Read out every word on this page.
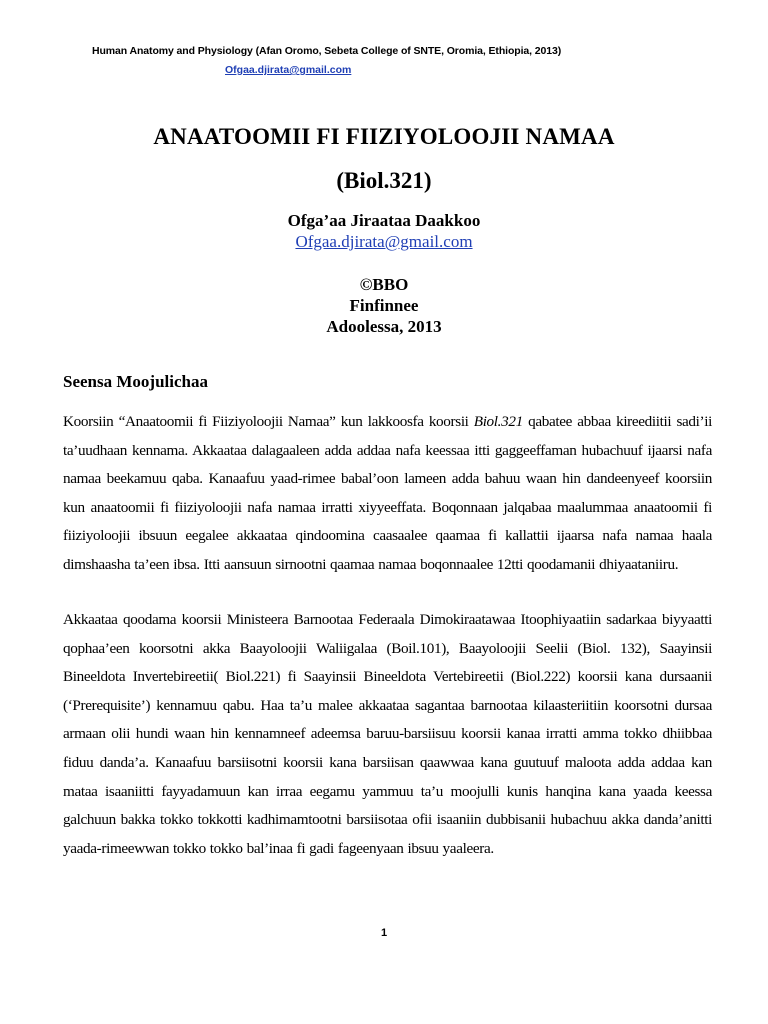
Human Anatomy and Physiology (Afan Oromo, Sebeta College of SNTE, Oromia, Ethiopia, 2013)
Ofgaa.djirata@gmail.com
ANAATOOMII FI FIIZIYOLOOJII NAMAA
(Biol.321)
Ofga’aa Jiraataa Daakkoo
Ofgaa.djirata@gmail.com
©BBO
Finfinnee
Adoolessa, 2013
Seensa Moojulichaa

Koorsiin “Anaatoomii fi Fiiziyoloojii Namaa” kun lakkoosfa koorsii Biol.321 qabatee abbaa kireediitii sadi’ii ta’uudhaan kennama. Akkaataa dalagaaleen adda addaa nafa keessaa itti gaggeeffaman hubachuuf ijaarsi nafa namaa beekamuu qaba. Kanaafuu yaad-rimee babal’oon lameen adda bahuu waan hin dandeenyeef koorsiin kun anaatoomii fi fiiziyoloojii nafa namaa irratti xiyyeeffata. Boqonnaan jalqabaa maalummaa anaatoomii fi fiiziyoloojii ibsuun eegalee akkaataa qindoomina caasaalee qaamaa fi kallattii ijaarsa nafa namaa haala dimshaasha ta’een ibsa. Itti aansuun sirnootni qaamaa namaa boqonnaalee 12tti qoodamanii dhiyaataniiru.

Akkaataa qoodama koorsii Ministeera Barnootaa Federaala Dimokiraatawaa Itoophiyaatiin sadarkaa biyyaatti qophaa’een koorsotni akka Baayoloojii Waliigalaa (Boil.101), Baayoloojii Seelii (Biol. 132), Saayinsii Bineeldota Invertebireetii( Biol.221) fi Saayinsii Bineeldota Vertebireetii (Biol.222) koorsii kana dursaanii (‘Prerequisite’) kennamuu qabu. Haa ta’u malee akkaataa sagantaa barnootaa kilaasteriitiin koorsotni dursaa armaan olii hundi waan hin kennamneef adeemsa baruu-barsiisuu koorsii kanaa irratti amma tokko dhiibbaa fiduu danda’a. Kanaafuu barsiisotni koorsii kana barsiisan qaawwaa kana guutuuf maloota adda addaa kan mataa isaaniitti fayyadamuun kan irraa eegamu yammuu ta’u moojulli kunis hanqina kana yaada keessa galchuun bakka tokko tokkotti kadhimamtootni barsiisotaa ofii isaaniin dubbisanii hubachuu akka danda’anitti yaada-rimeewwan tokko tokko bal’inaa fi gadi fageenyaan ibsuu yaaleera.

1
